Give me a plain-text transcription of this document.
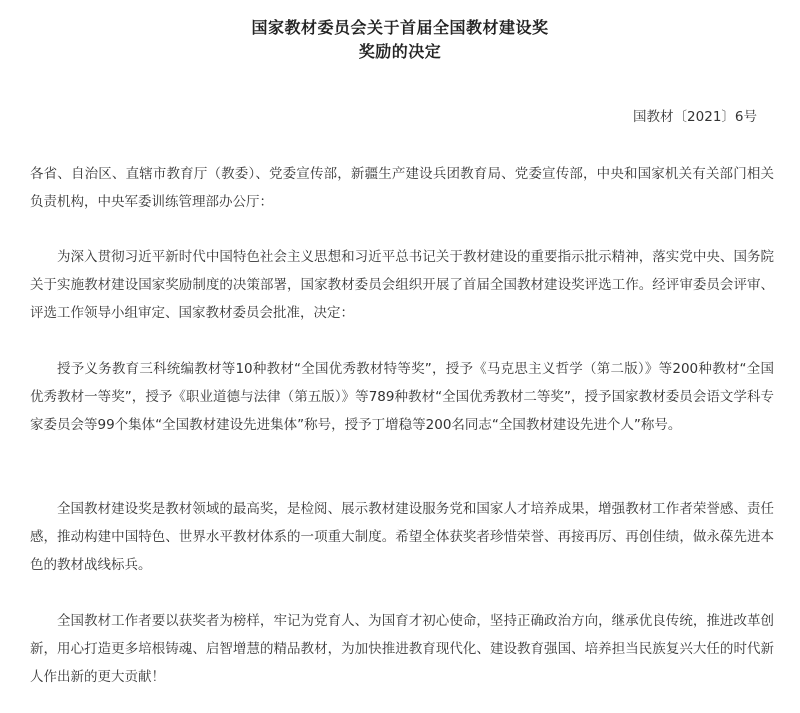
国家教材委员会关于首届全国教材建设奖
奖励的决定
国教材〔2021〕6号

各省、自治区、直辖市教育厅（教委）、党委宣传部，新疆生产建设兵团教育局、党委宣传部，中央和国家机关有关部门相关负责机构，中央军委训练管理部办公厅：

为深入贯彻习近平新时代中国特色社会主义思想和习近平总书记关于教材建设的重要指示批示精神，落实党中央、国务院关于实施教材建设国家奖励制度的决策部署，国家教材委员会组织开展了首届全国教材建设奖评选工作。经评审委员会评审、评选工作领导小组审定、国家教材委员会批准，决定：

授予义务教育三科统编教材等10种教材“全国优秀教材特等奖”，授予《马克思主义哲学（第二版）》等200种教材“全国优秀教材一等奖”，授予《职业道德与法律（第五版）》等789种教材“全国优秀教材二等奖”，授予国家教材委员会语文学科专家委员会等99个集体“全国教材建设先进集体”称号，授予丁增稳等200名同志“全国教材建设先进个人”称号。

全国教材建设奖是教材领域的最高奖，是检阅、展示教材建设服务党和国家人才培养成果，增强教材工作者荣誉感、责任感，推动构建中国特色、世界水平教材体系的一项重大制度。希望全体获奖者珍惜荣誉、再接再厉、再创佳绩，做永葆先进本色的教材战线标兵。

全国教材工作者要以获奖者为榜样，牢记为党育人、为国育才初心使命，坚持正确政治方向，继承优良传统，推进改革创新，用心打造更多培根铸魂、启智增慧的精品教材，为加快推进教育现代化、建设教育强国、培养担当民族复兴大任的时代新人作出新的更大贡献！
